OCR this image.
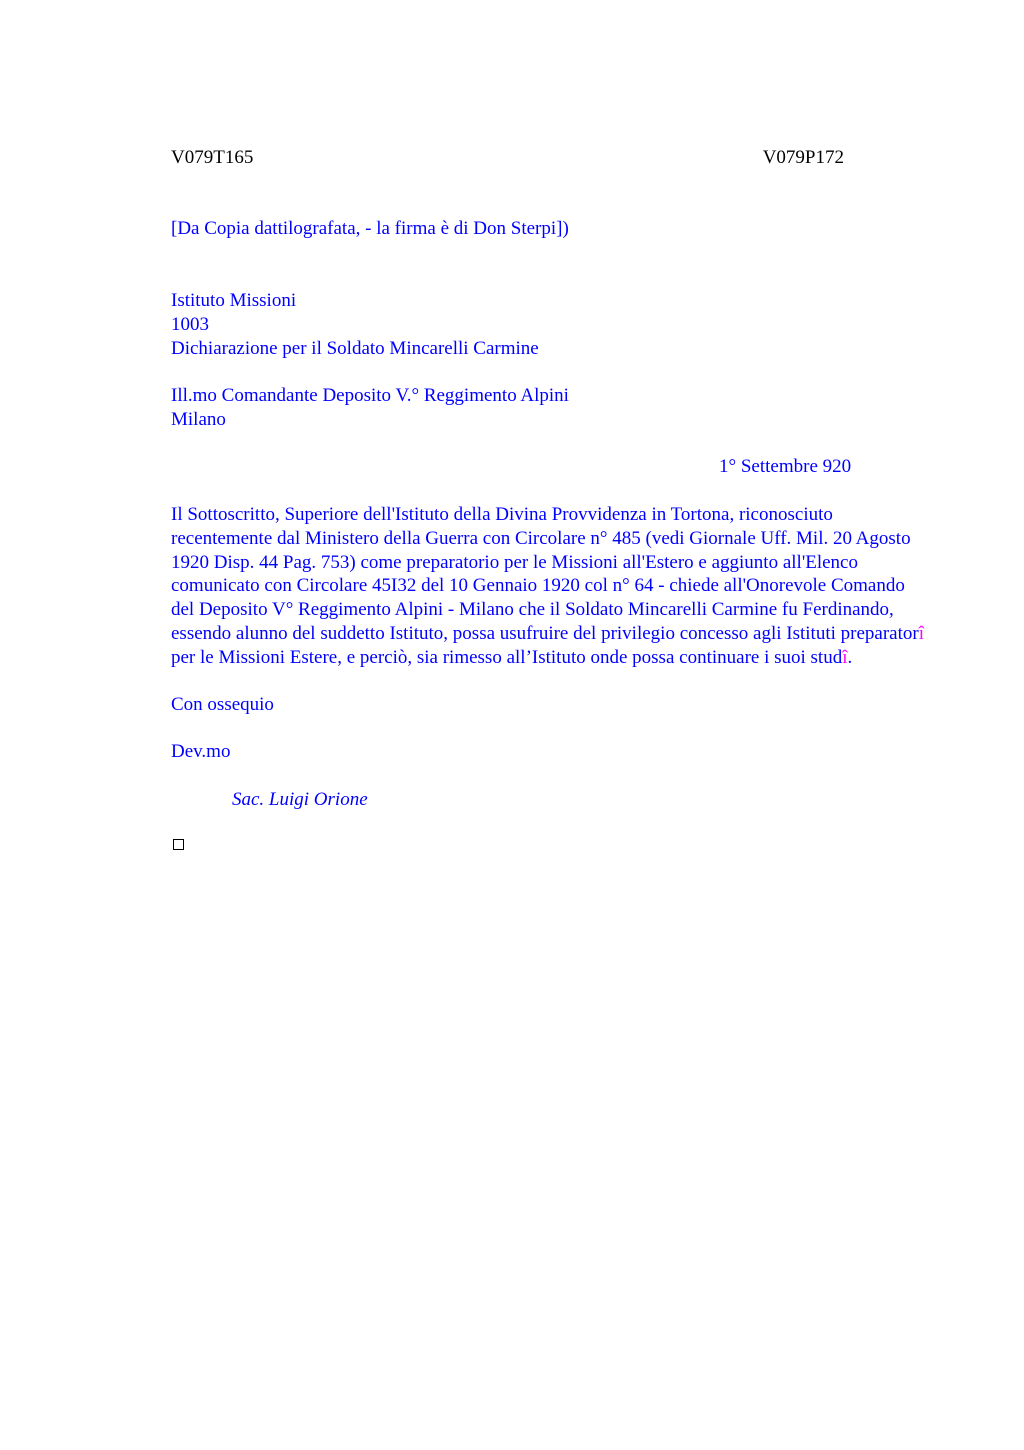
V079T165	V079P172
[Da Copia dattilografata, - la firma è di Don Sterpi])
Istituto Missioni
1003
Dichiarazione per il Soldato Mincarelli Carmine
Ill.mo Comandante Deposito V.° Reggimento Alpini
Milano
1° Settembre 920

Il Sottoscritto, Superiore dell'Istituto della Divina Provvidenza in Tortona, riconosciuto recentemente dal Ministero della Guerra con Circolare n° 485 (vedi Giornale Uff. Mil. 20 Agosto 1920 Disp. 44 Pag. 753) come preparatorio per le Missioni all'Estero e aggiunto all'Elenco comunicato con Circolare 45I32 del 10 Gennaio 1920 col n° 64 - chiede all'Onorevole Comando del Deposito V° Reggimento Alpini - Milano che il Soldato Mincarelli Carmine fu Ferdinando, essendo alunno del suddetto Istituto, possa usufruire del privilegio concesso agli Istituti preparatorî per le Missioni Estere, e perciò, sia rimesso all’Istituto onde possa continuare i suoi studî.

Con ossequio
Dev.mo
Sac. Luigi Orione
